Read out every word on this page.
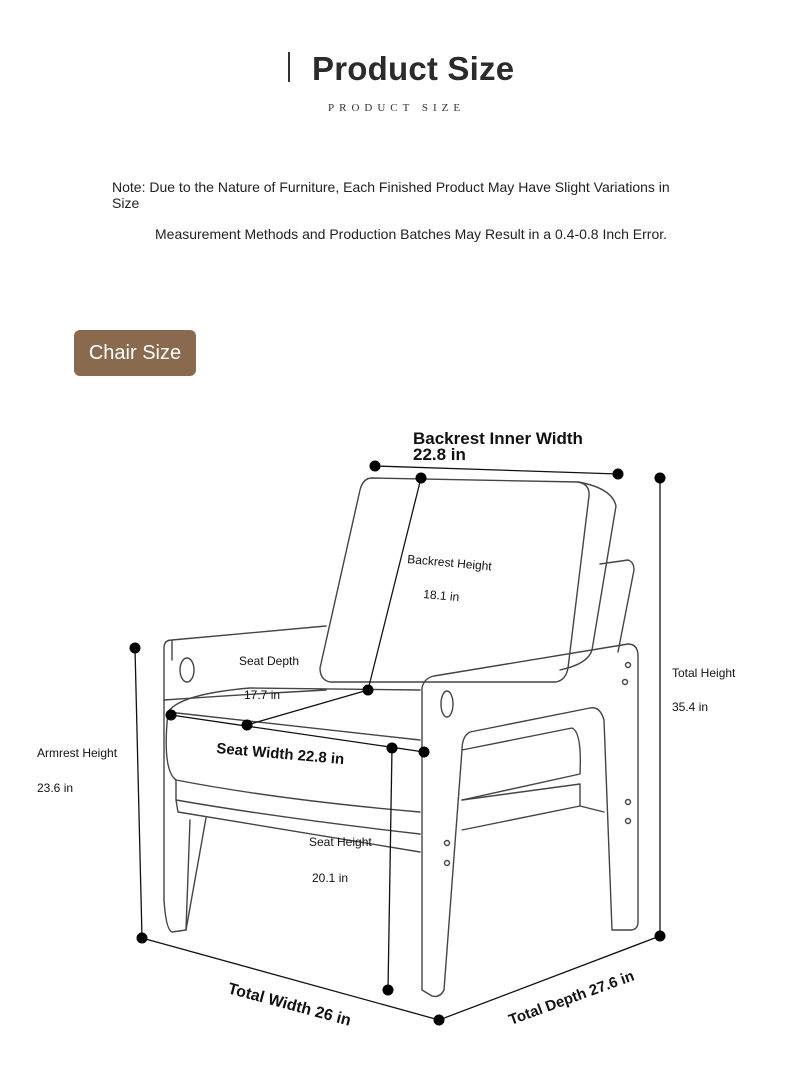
Product Size
PRODUCT SIZE
Note: Due to the Nature of Furniture, Each Finished Product May Have Slight Variations in Size
Measurement Methods and Production Batches May Result in a 0.4-0.8 Inch Error.
Chair Size
Backrest Inner Width
22.8 in
Backrest Height
18.1 in
Seat Depth
17.7 in
Seat Width 22.8 in
Seat Height
20.1 in
Armrest Height
23.6 in
Total Height
35.4 in
Total Width 26 in	Total Depth 27.6 in
